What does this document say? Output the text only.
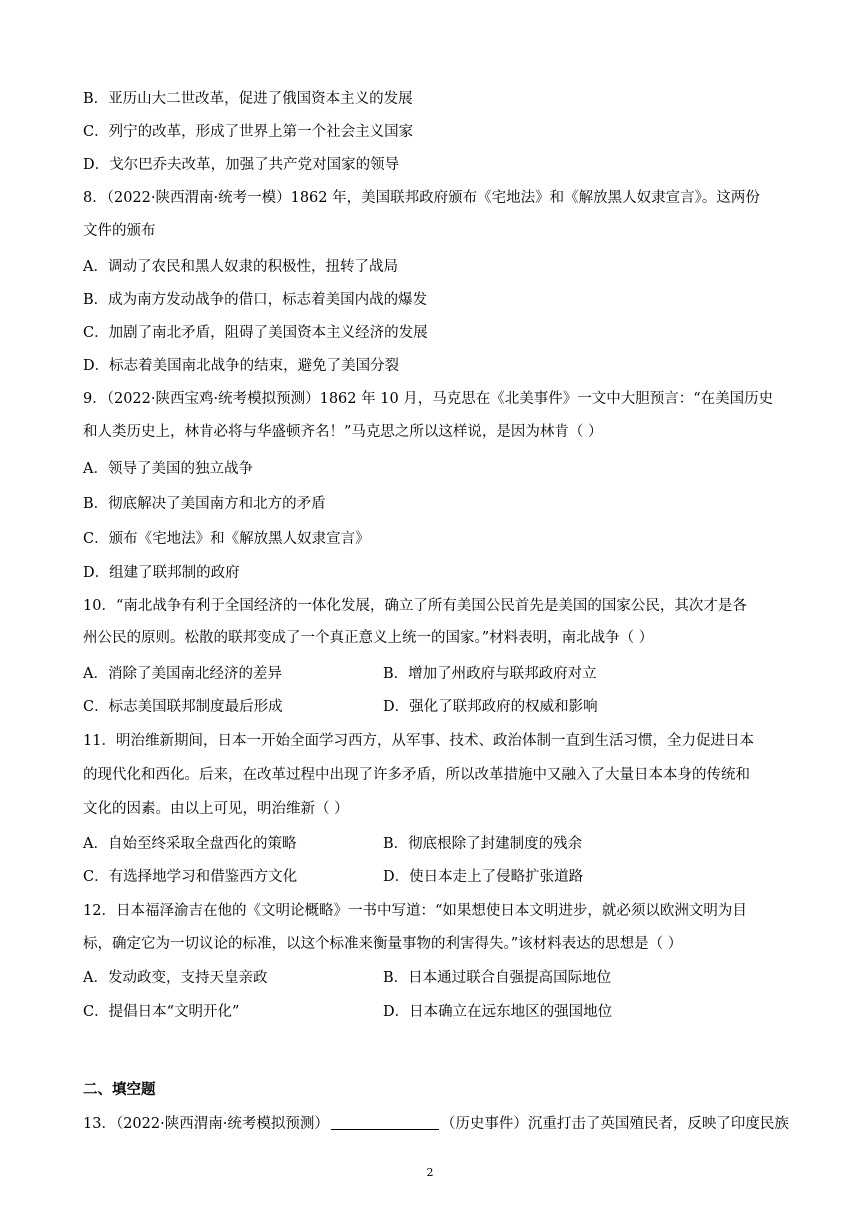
B．亚历山大二世改革，促进了俄国资本主义的发展
C．列宁的改革，形成了世界上第一个社会主义国家
D．戈尔巴乔夫改革，加强了共产党对国家的领导
8．（2022·陕西渭南·统考一模）1862 年，美国联邦政府颁布《宅地法》和《解放黑人奴隶宣言》。这两份
文件的颁布
A．调动了农民和黑人奴隶的积极性，扭转了战局
B．成为南方发动战争的借口，标志着美国内战的爆发
C．加剧了南北矛盾，阻碍了美国资本主义经济的发展
D．标志着美国南北战争的结束，避免了美国分裂
9．（2022·陕西宝鸡·统考模拟预测）1862 年 10 月，马克思在《北美事件》一文中大胆预言：“在美国历史
和人类历史上，林肯必将与华盛顿齐名！”马克思之所以这样说，是因为林肯（ ）
A．领导了美国的独立战争
B．彻底解决了美国南方和北方的矛盾
C．颁布《宅地法》和《解放黑人奴隶宣言》
D．组建了联邦制的政府
10．“南北战争有利于全国经济的一体化发展，确立了所有美国公民首先是美国的国家公民，其次才是各
州公民的原则。松散的联邦变成了一个真正意义上统一的国家。”材料表明，南北战争（ ）
A．消除了美国南北经济的差异	B．增加了州政府与联邦政府对立
C．标志美国联邦制度最后形成	D．强化了联邦政府的权威和影响
11．明治维新期间，日本一开始全面学习西方，从军事、技术、政治体制一直到生活习惯，全力促进日本
的现代化和西化。后来，在改革过程中出现了许多矛盾，所以改革措施中又融入了大量日本本身的传统和
文化的因素。由以上可见，明治维新（ ）
A．自始至终采取全盘西化的策略	B．彻底根除了封建制度的残余
C．有选择地学习和借鉴西方文化	D．使日本走上了侵略扩张道路
12．日本福泽渝吉在他的《文明论概略》一书中写道：“如果想使日本文明进步，就必须以欧洲文明为目
标，确定它为一切议论的标准，以这个标准来衡量事物的利害得失。”该材料表达的思想是（ ）
A．发动政变，支持天皇亲政	B．日本通过联合自强提高国际地位
C．提倡日本“文明开化”	D．日本确立在远东地区的强国地位
二、填空题
13．（2022·陕西渭南·统考模拟预测）	（历史事件）沉重打击了英国殖民者，反映了印度民族
2
